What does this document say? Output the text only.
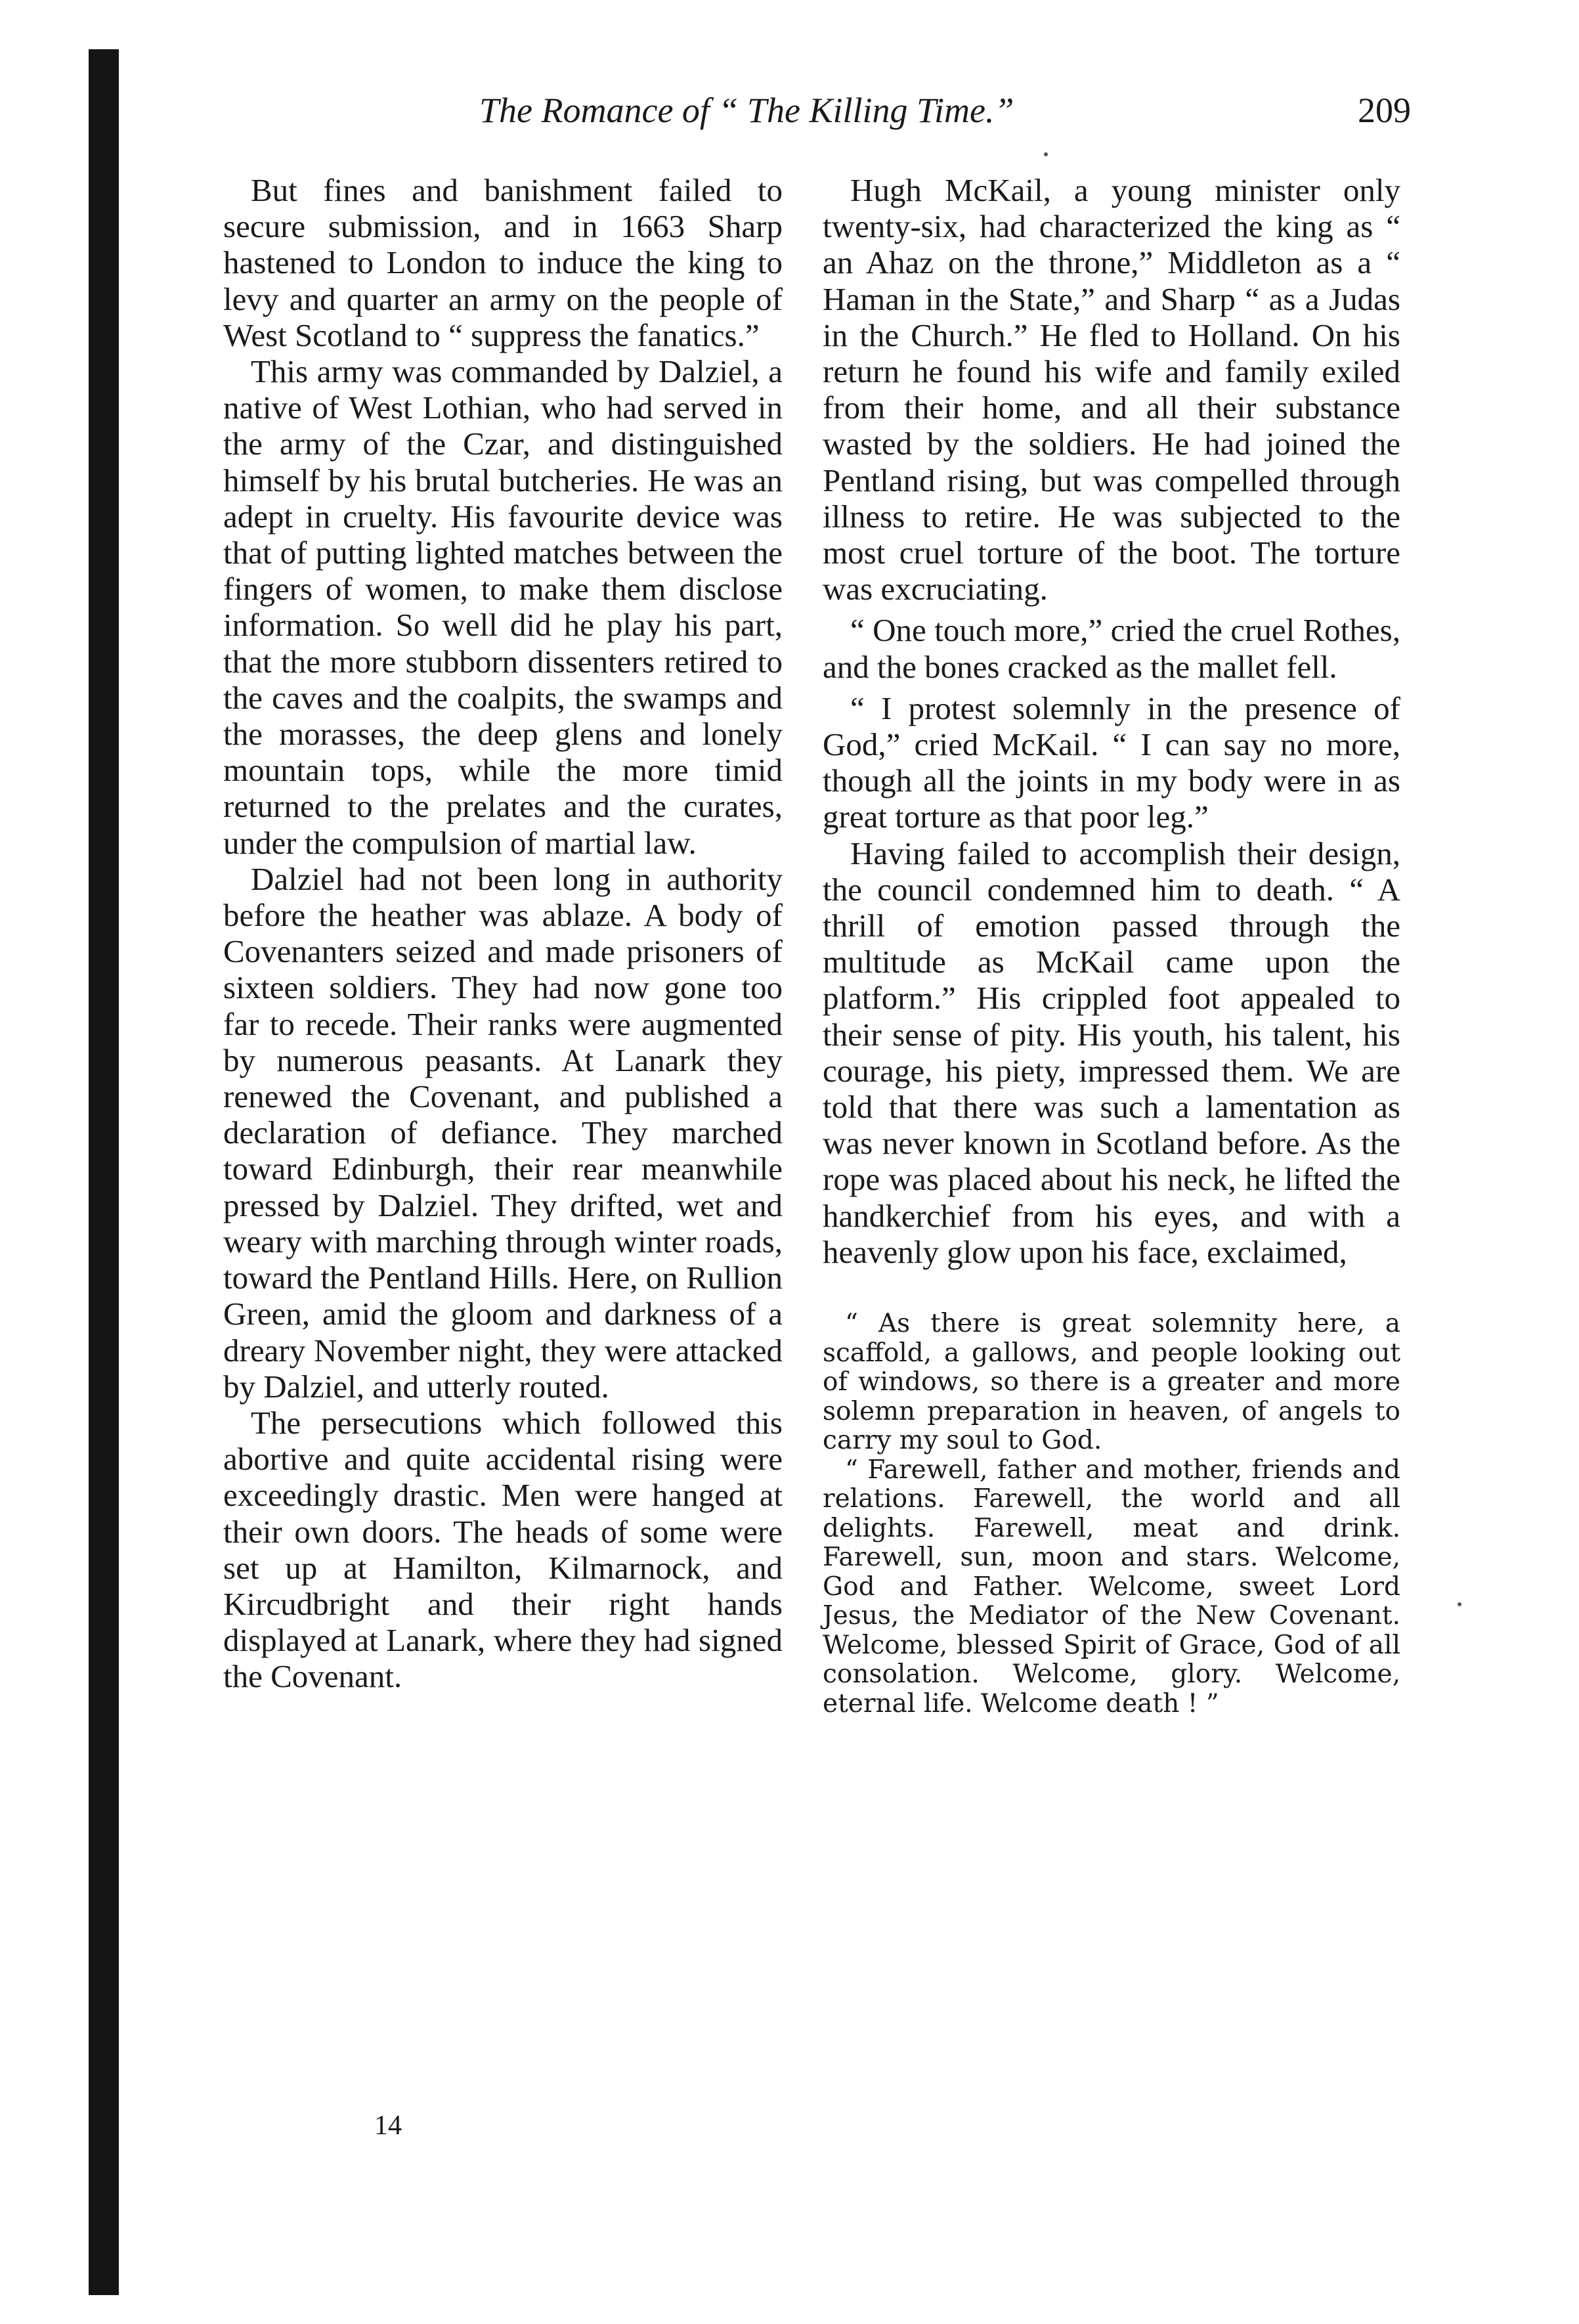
The Romance of “ The Killing Time.”	209

But fines and banishment failed to secure submission, and in 1663 Sharp hastened to London to induce the king to levy and quarter an army on the people of West Scotland to “ suppress the fanatics.”

This army was commanded by Dalziel, a native of West Lothian, who had served in the army of the Czar, and distinguished himself by his brutal butcheries. He was an adept in cruelty. His favourite device was that of putting lighted matches between the fingers of women, to make them disclose information. So well did he play his part, that the more stubborn dissenters retired to the caves and the coalpits, the swamps and the morasses, the deep glens and lonely mountain tops, while the more timid returned to the prelates and the curates, under the compulsion of martial law.

Dalziel had not been long in authority before the heather was ablaze. A body of Covenanters seized and made prisoners of sixteen soldiers. They had now gone too far to recede. Their ranks were augmented by numerous peasants. At Lanark they renewed the Covenant, and published a declaration of defiance. They marched toward Edinburgh, their rear meanwhile pressed by Dalziel. They drifted, wet and weary with marching through winter roads, toward the Pentland Hills. Here, on Rullion Green, amid the gloom and darkness of a dreary November night, they were attacked by Dalziel, and utterly routed.

The persecutions which followed this abortive and quite accidental rising were exceedingly drastic. Men were hanged at their own doors. The heads of some were set up at Hamilton, Kilmarnock, and Kircudbright and their right hands displayed at Lanark, where they had signed the Covenant.

14

Hugh McKail, a young minister only twenty-six, had characterized the king as “ an Ahaz on the throne,” Middleton as a “ Haman in the State,” and Sharp “ as a Judas in the Church.” He fled to Holland. On his return he found his wife and family exiled from their home, and all their substance wasted by the soldiers. He had joined the Pentland rising, but was compelled through illness to retire. He was subjected to the most cruel torture of the boot. The torture was excruciating.

“ One touch more,” cried the cruel Rothes, and the bones cracked as the mallet fell.

“ I protest solemnly in the presence of God,” cried McKail. “ I can say no more, though all the joints in my body were in as great torture as that poor leg.”

Having failed to accomplish their design, the council condemned him to death. “ A thrill of emotion passed through the multitude as McKail came upon the platform.” His crippled foot appealed to their sense of pity. His youth, his talent, his courage, his piety, impressed them. We are told that there was such a lamentation as was never known in Scotland before. As the rope was placed about his neck, he lifted the handkerchief from his eyes, and with a heavenly glow upon his face, exclaimed,

“ As there is great solemnity here, a scaffold, a gallows, and people looking out of windows, so there is a greater and more solemn preparation in heaven, of angels to carry my soul to God.

“ Farewell, father and mother, friends and relations. Farewell, the world and all delights. Farewell, meat and drink. Farewell, sun, moon and stars. Welcome, God and Father. Welcome, sweet Lord Jesus, the Mediator of the New Covenant. Welcome, blessed Spirit of Grace, God of all consolation. Welcome, glory. Welcome, eternal life. Welcome death ! ”
